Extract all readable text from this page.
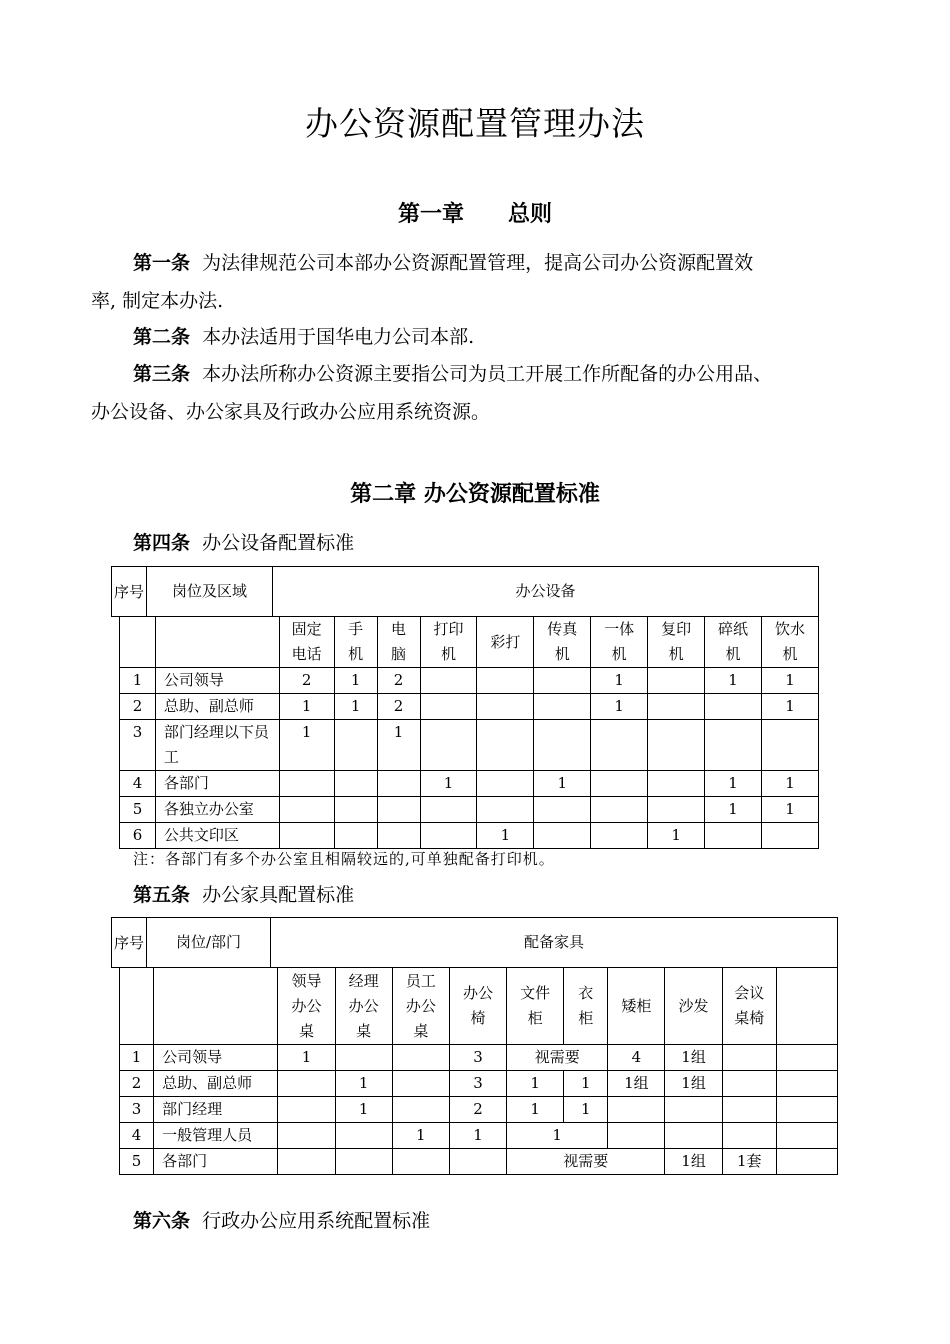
办公资源配置管理办法
第一章　　总则
第一条 为法律规范公司本部办公资源配置管理，提高公司办公资源配置效
率, 制定本办法.
第二条 本办法适用于国华电力公司本部.
第三条 本办法所称办公资源主要指公司为员工开展工作所配备的办公用品、
办公设备、办公家具及行政办公应用系统资源。
第二章 办公资源配置标准
第四条 办公设备配置标准
序号	岗位及区域	办公设备
		固定电话	手机	电脑	打印机	彩打	传真机	一体机	复印机	碎纸机	饮水机
1	公司领导	2	1	2				1		1	1
2	总助、副总师	1	1	2				1			1
3	部门经理以下员工	1		1							
4	各部门				1		1			1	1
5	各独立办公室									1	1
6	公共文印区					1			1		
注：各部门有多个办公室且相隔较远的,可单独配备打印机。
第五条 办公家具配置标准
序号	岗位/部门	配备家具
		领导办公桌	经理办公桌	员工办公桌	办公椅	文件柜	衣柜	矮柜	沙发	会议桌椅	
1	公司领导	1			3	视需要		4	1组		
2	总助、副总师		1		3	1	1	1组	1组		
3	部门经理		1		2	1	1				
4	一般管理人员			1	1	1					
5	各部门					视需要			1组	1套	
第六条 行政办公应用系统配置标准
